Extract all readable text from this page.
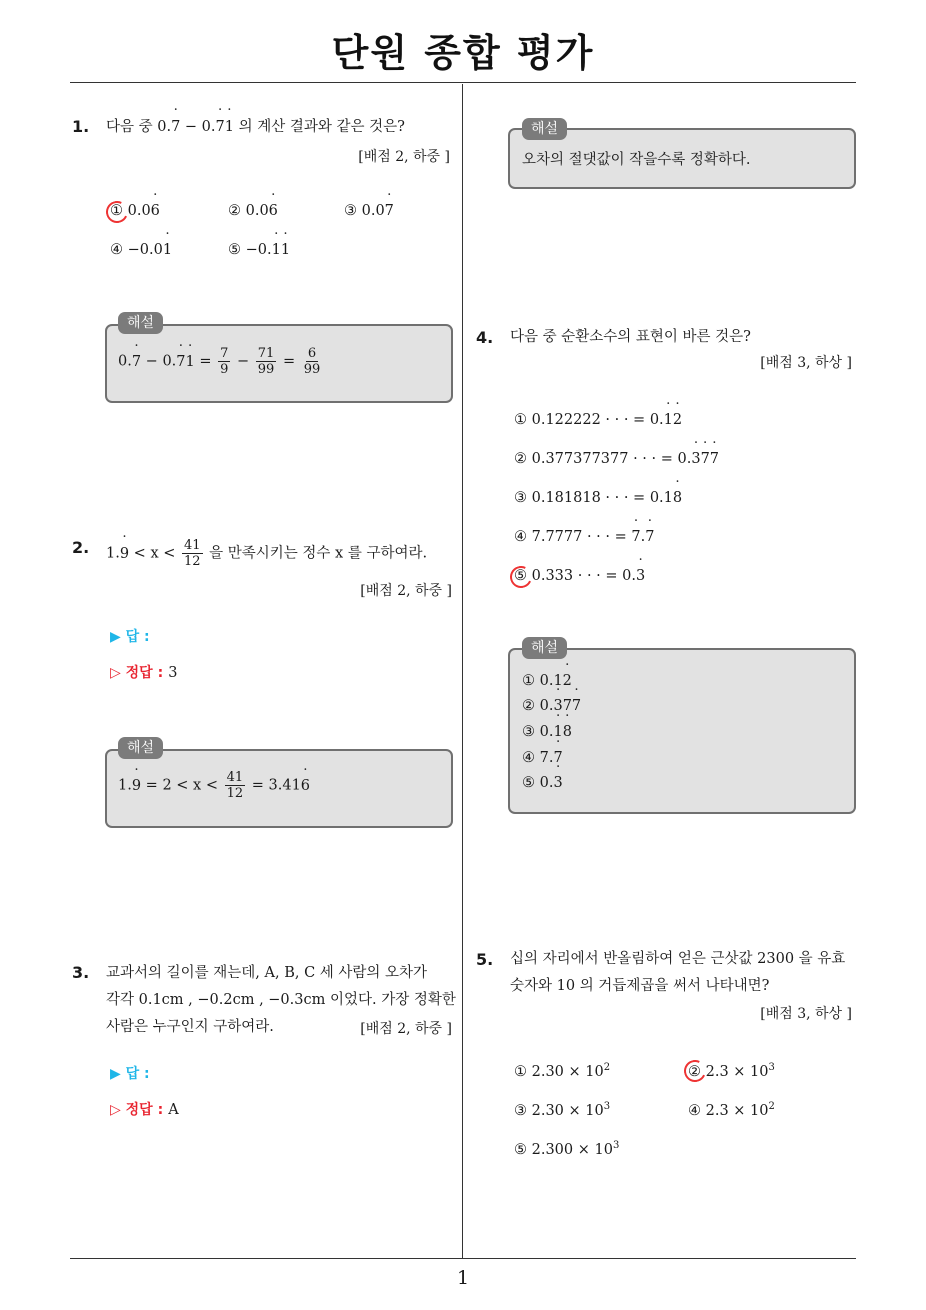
단원 종합 평가
1
1. 다음 중 0.˙ 7 − 0.˙ 7˙ 1 의 계산 결과와 같은 것은?
[배점 2, 하중 ]
① 0.0˙ 6	② 0.0˙ 6	③ 0.0˙ 7
④ −0.0˙ 1	⑤ −0.˙ 1˙ 1
해설
0.˙ 7 − 0.˙ 7˙ $1 = \frac{7}{9} - \frac{71}{99} = \frac{6}{99}$
2. 1.˙ $9 < x < \frac{41}{12}$ 을 만족시키는 정수 x 를 구하여라.
[배점 2, 하중 ]
▶ 답 :
▷ 정답 : 3
해설
1.˙ $9 = 2 < x < \frac{41}{12}$ = 3.41˙ 6
3. 교과서의 길이를 재는데, A, B, C 세 사람의 오차가
각각 0.1cm , −0.2cm , −0.3cm 이었다. 가장 정확한
사람은 누구인지 구하여라.	[배점 2, 하중 ]
▶ 답 :
▷ 정답 : A
해설
오차의 절댓값이 작을수록 정확하다.
4. 다음 중 순환소수의 표현이 바른 것은?
[배점 3, 하상 ]
① 0.122222 · · · = 0.˙ 1˙ 2
② 0.377377377 · · · = 0.˙ 3˙ 7˙ 7
③ 0.181818 · · · = 0.1˙ 8
④ 7.7777 · · · = ˙ 7.˙ 7
⑤ 0.333 · · · = 0.˙ 3
해설
① 0.1˙ 2
② 0.˙ 37˙ 7
③ 0.˙ 1˙ 8
④ 7.˙ 7
⑤ 0.˙ 3
5. 십의 자리에서 반올림하여 얻은 근삿값 2300 을 유효
숫자와 10 의 거듭제곱을 써서 나타내면?
[배점 3, 하상 ]
① $2.30 \times 10^2$	② $2.3 \times 10^3$
③ $2.30 \times 10^3$	④ $2.3 \times 10^2$
⑤ $2.300 \times 10^3$
